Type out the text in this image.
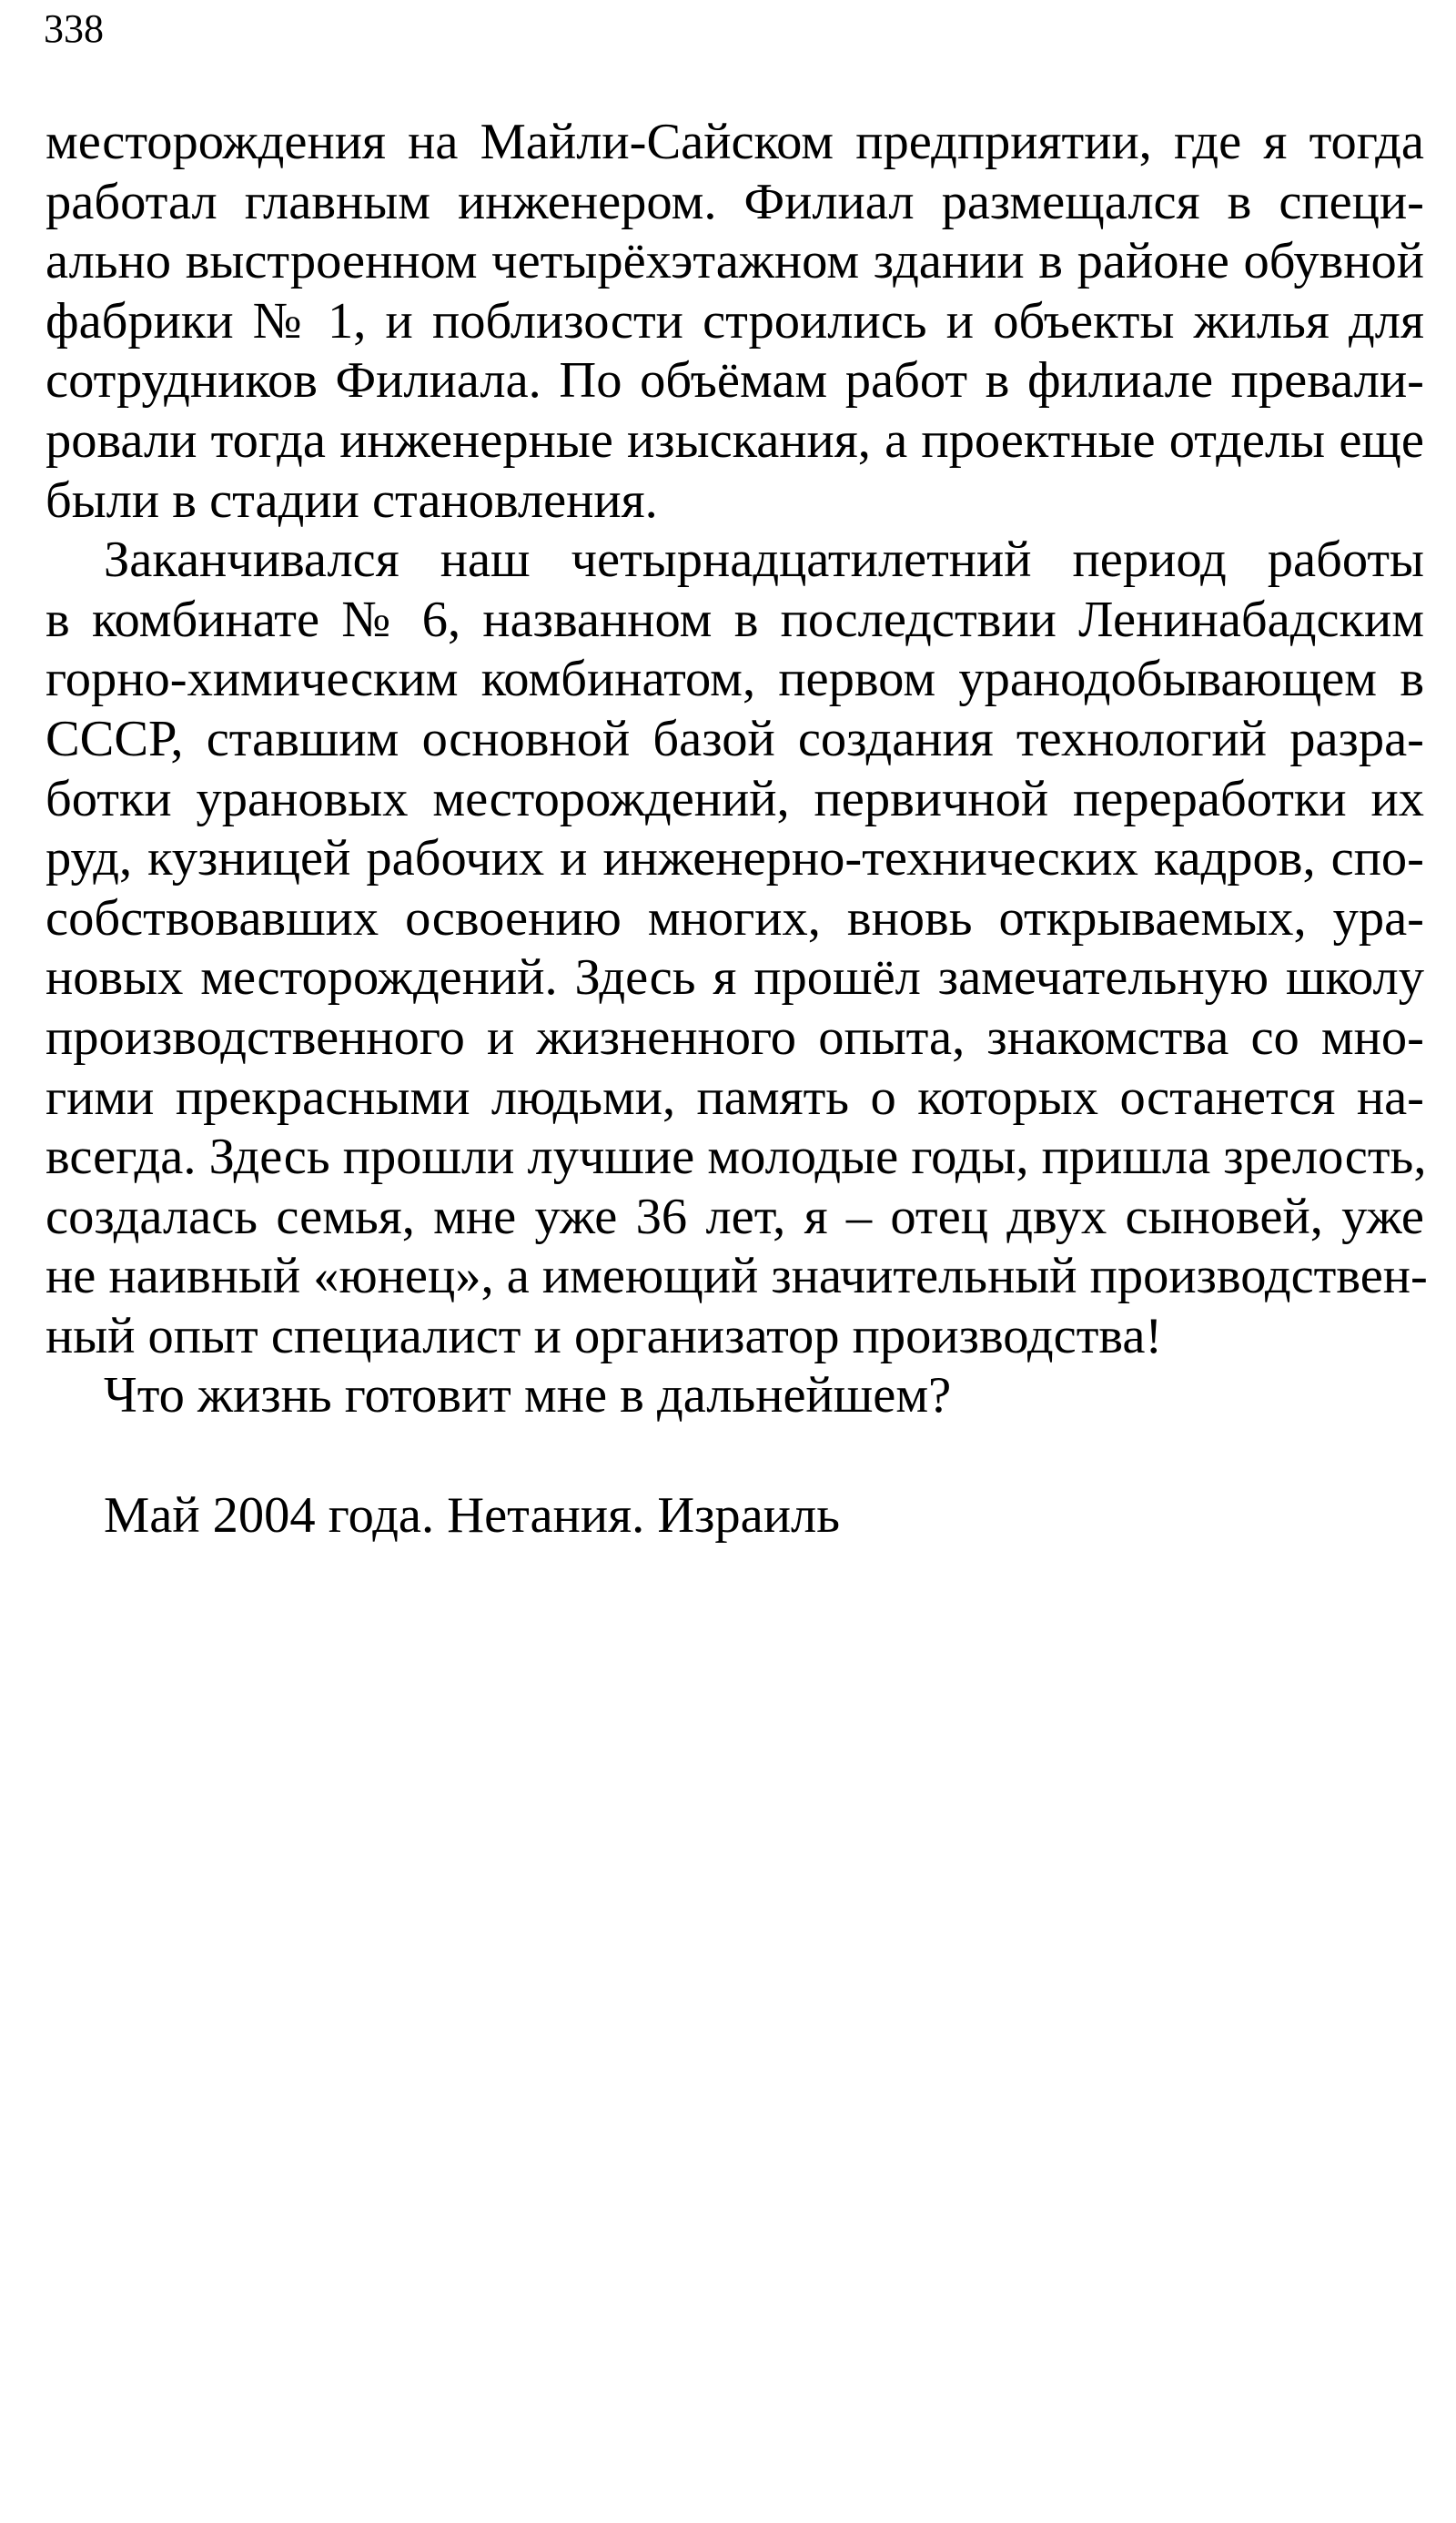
338
месторождения на Майли-Сайском предприятии, где я тогда
работал главным инженером. Филиал размещался в специ-
ально выстроенном четырёхэтажном здании в районе обувной
фабрики № 1, и поблизости строились и объекты жилья для
сотрудников Филиала. По объёмам работ в филиале превали-
ровали тогда инженерные изыскания, а проектные отделы еще
были в стадии становления.
Заканчивался наш четырнадцатилетний период работы
в комбинате № 6, названном в последствии Ленинабадским
горно-химическим комбинатом, первом уранодобывающем в
СССР, ставшим основной базой создания технологий разра-
ботки урановых месторождений, первичной переработки их
руд, кузницей рабочих и инженерно-технических кадров, спо-
собствовавших освоению многих, вновь открываемых, ура-
новых месторождений. Здесь я прошёл замечательную школу
производственного и жизненного опыта, знакомства со мно-
гими прекрасными людьми, память о которых останется на-
всегда. Здесь прошли лучшие молодые годы, пришла зрелость,
создалась семья, мне уже 36 лет, я – отец двух сыновей, уже
не наивный «юнец», а имеющий значительный производствен-
ный опыт специалист и организатор производства!
Что жизнь готовит мне в дальнейшем?
Май 2004 года. Нетания. Израиль
